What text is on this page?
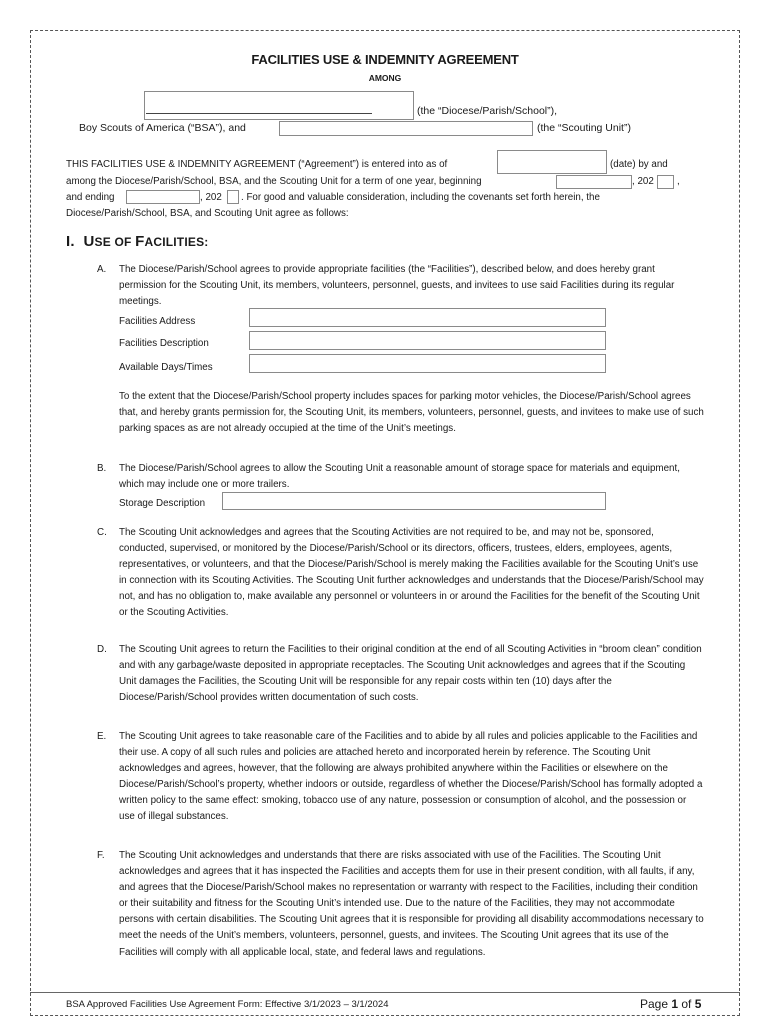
FACILITIES USE & INDEMNITY AGREEMENT
AMONG
(the “Diocese/Parish/School”),
Boy Scouts of America (“BSA”), and	(the “Scouting Unit”)
THIS FACILITIES USE & INDEMNITY AGREEMENT (“Agreement”) is entered into as of	(date) by and
among the Diocese/Parish/School, BSA, and the Scouting Unit for a term of one year, beginning	, 202 ,
and ending	, 202 . For good and valuable consideration, including the covenants set forth herein, the
Diocese/Parish/School, BSA, and Scouting Unit agree as follows:
I. USE OF FACILITIES:
A. The Diocese/Parish/School agrees to provide appropriate facilities (the “Facilities”), described below, and does hereby grant permission for the Scouting Unit, its members, volunteers, personnel, guests, and invitees to use said Facilities during its regular meetings.
Facilities Address
Facilities Description
Available Days/Times
To the extent that the Diocese/Parish/School property includes spaces for parking motor vehicles, the Diocese/Parish/School agrees that, and hereby grants permission for, the Scouting Unit, its members, volunteers, personnel, guests, and invitees to make use of such parking spaces as are not already occupied at the time of the Unit’s meetings.
B. The Diocese/Parish/School agrees to allow the Scouting Unit a reasonable amount of storage space for materials and equipment, which may include one or more trailers.
Storage Description
C. The Scouting Unit acknowledges and agrees that the Scouting Activities are not required to be, and may not be, sponsored, conducted, supervised, or monitored by the Diocese/Parish/School or its directors, officers, trustees, elders, employees, agents, representatives, or volunteers, and that the Diocese/Parish/School is merely making the Facilities available for the Scouting Unit’s use in connection with its Scouting Activities. The Scouting Unit further acknowledges and understands that the Diocese/Parish/School may not, and has no obligation to, make available any personnel or volunteers in or around the Facilities for the benefit of the Scouting Unit or the Scouting Activities.
D. The Scouting Unit agrees to return the Facilities to their original condition at the end of all Scouting Activities in “broom clean” condition and with any garbage/waste deposited in appropriate receptacles. The Scouting Unit acknowledges and agrees that if the Scouting Unit damages the Facilities, the Scouting Unit will be responsible for any repair costs within ten (10) days after the Diocese/Parish/School provides written documentation of such costs.
E. The Scouting Unit agrees to take reasonable care of the Facilities and to abide by all rules and policies applicable to the Facilities and their use. A copy of all such rules and policies are attached hereto and incorporated herein by reference. The Scouting Unit acknowledges and agrees, however, that the following are always prohibited anywhere within the Facilities or elsewhere on the Diocese/Parish/School’s property, whether indoors or outside, regardless of whether the Diocese/Parish/School has formally adopted a written policy to the same effect: smoking, tobacco use of any nature, possession or consumption of alcohol, and the possession or use of illegal substances.
F. The Scouting Unit acknowledges and understands that there are risks associated with use of the Facilities. The Scouting Unit acknowledges and agrees that it has inspected the Facilities and accepts them for use in their present condition, with all faults, if any, and agrees that the Diocese/Parish/School makes no representation or warranty with respect to the Facilities, including their condition or their suitability and fitness for the Scouting Unit’s intended use. Due to the nature of the Facilities, they may not accommodate persons with certain disabilities. The Scouting Unit agrees that it is responsible for providing all disability accommodations necessary to meet the needs of the Unit’s members, volunteers, personnel, guests, and invitees. The Scouting Unit agrees that its use of the Facilities will comply with all applicable local, state, and federal laws and regulations.
BSA Approved Facilities Use Agreement Form: Effective 3/1/2023 – 3/1/2024	Page 1 of 5
